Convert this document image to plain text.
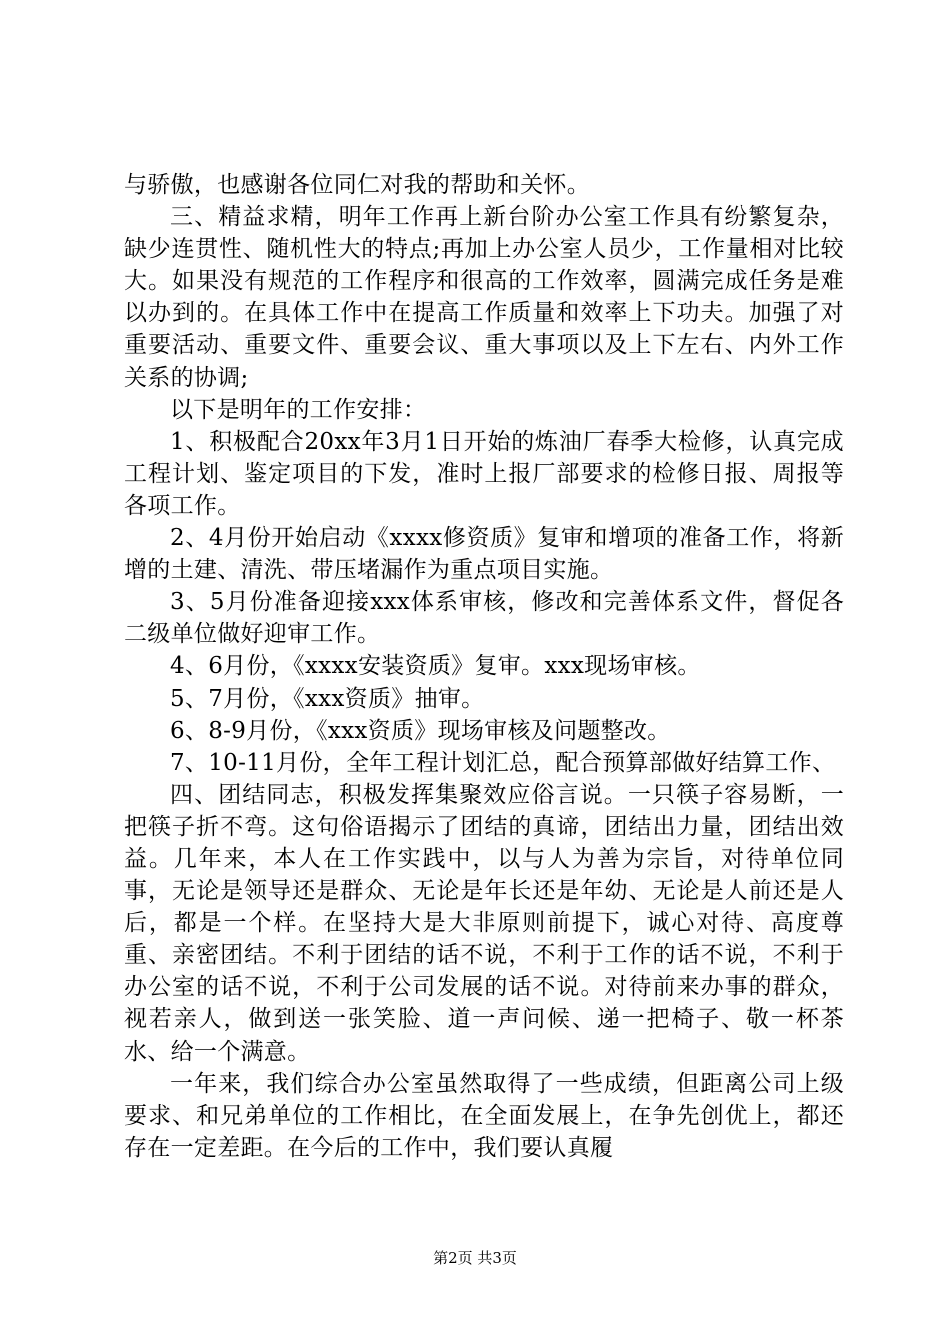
与骄傲，也感谢各位同仁对我的帮助和关怀。

三、精益求精，明年工作再上新台阶办公室工作具有纷繁复杂，缺少连贯性、随机性大的特点;再加上办公室人员少，工作量相对比较大。如果没有规范的工作程序和很高的工作效率，圆满完成任务是难以办到的。在具体工作中在提高工作质量和效率上下功夫。加强了对重要活动、重要文件、重要会议、重大事项以及上下左右、内外工作关系的协调;

以下是明年的工作安排：

1、积极配合20xx年3月1日开始的炼油厂春季大检修，认真完成工程计划、鉴定项目的下发，准时上报厂部要求的检修日报、周报等各项工作。

2、4月份开始启动《xxxx修资质》复审和增项的准备工作，将新增的土建、清洗、带压堵漏作为重点项目实施。

3、5月份准备迎接xxx体系审核，修改和完善体系文件，督促各二级单位做好迎审工作。

4、6月份，《xxxx安装资质》复审。xxx现场审核。

5、7月份，《xxx资质》抽审。

6、8-9月份，《xxx资质》现场审核及问题整改。

7、10-11月份，全年工程计划汇总，配合预算部做好结算工作、

四、团结同志，积极发挥集聚效应俗言说。一只筷子容易断，一把筷子折不弯。这句俗语揭示了团结的真谛，团结出力量，团结出效益。几年来，本人在工作实践中，以与人为善为宗旨，对待单位同事，无论是领导还是群众、无论是年长还是年幼、无论是人前还是人后，都是一个样。在坚持大是大非原则前提下，诚心对待、高度尊重、亲密团结。不利于团结的话不说，不利于工作的话不说，不利于办公室的话不说，不利于公司发展的话不说。对待前来办事的群众，视若亲人，做到送一张笑脸、道一声问候、递一把椅子、敬一杯茶水、给一个满意。

一年来，我们综合办公室虽然取得了一些成绩，但距离公司上级要求、和兄弟单位的工作相比，在全面发展上，在争先创优上，都还存在一定差距。在今后的工作中，我们要认真履

第2页 共3页
